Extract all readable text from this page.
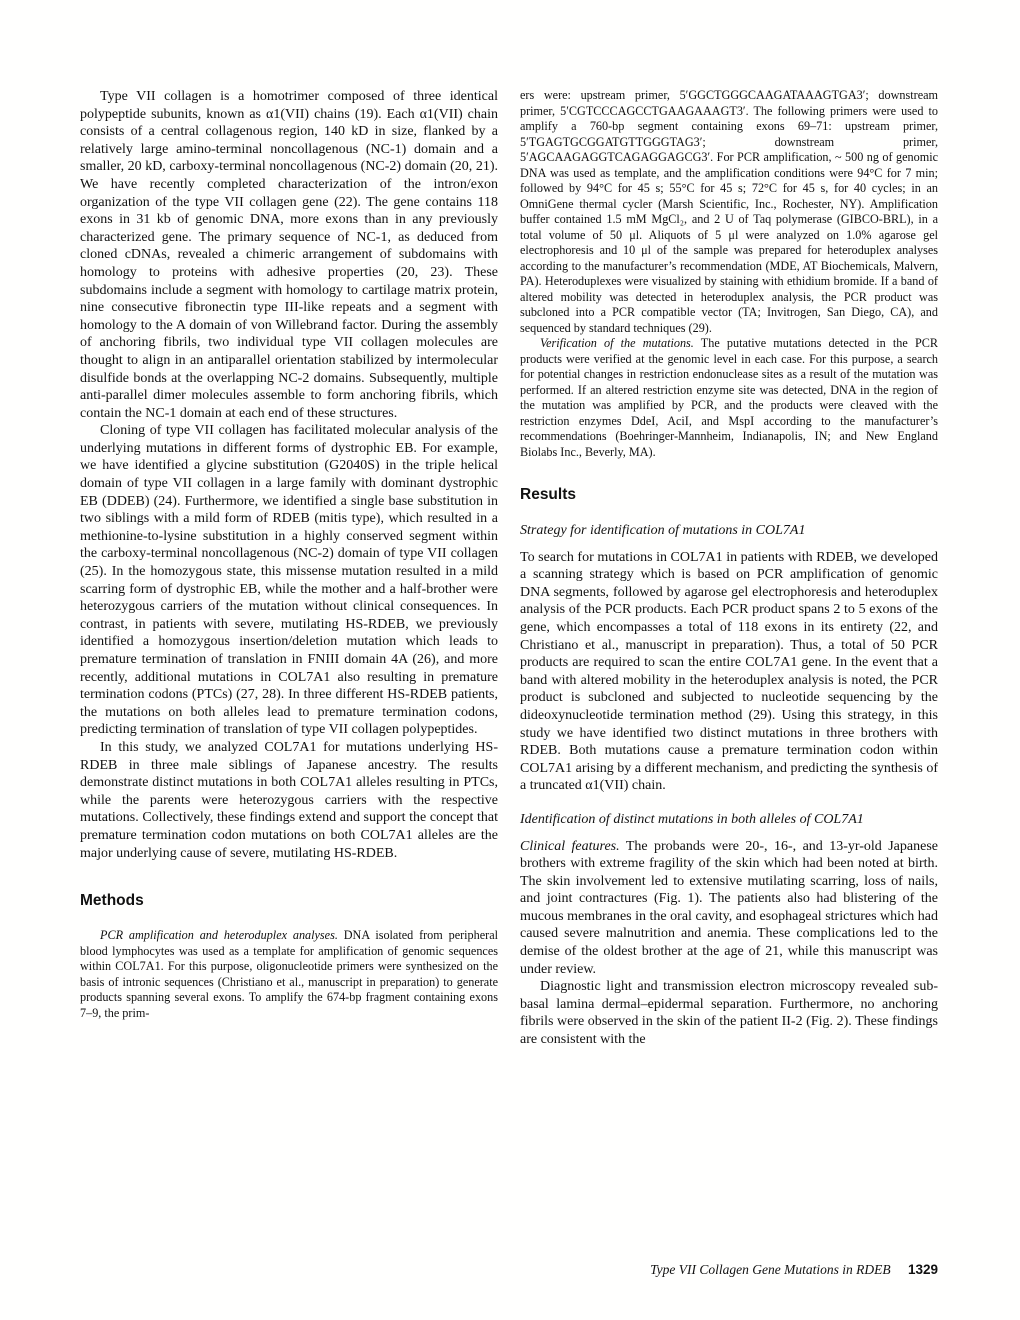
Type VII collagen is a homotrimer composed of three identical polypeptide subunits, known as α1(VII) chains (19). Each α1(VII) chain consists of a central collagenous region, 140 kD in size, flanked by a relatively large amino-terminal noncollagenous (NC-1) domain and a smaller, 20 kD, carboxy-terminal noncollagenous (NC-2) domain (20, 21). We have recently completed characterization of the intron/exon organization of the type VII collagen gene (22). The gene contains 118 exons in 31 kb of genomic DNA, more exons than in any previously characterized gene. The primary sequence of NC-1, as deduced from cloned cDNAs, revealed a chimeric arrangement of subdomains with homology to proteins with adhesive properties (20, 23). These subdomains include a segment with homology to cartilage matrix protein, nine consecutive fibronectin type III-like repeats and a segment with homology to the A domain of von Willebrand factor. During the assembly of anchoring fibrils, two individual type VII collagen molecules are thought to align in an antiparallel orientation stabilized by intermolecular disulfide bonds at the overlapping NC-2 domains. Subsequently, multiple anti-parallel dimer molecules assemble to form anchoring fibrils, which contain the NC-1 domain at each end of these structures.

Cloning of type VII collagen has facilitated molecular analysis of the underlying mutations in different forms of dystrophic EB. For example, we have identified a glycine substitution (G2040S) in the triple helical domain of type VII collagen in a large family with dominant dystrophic EB (DDEB) (24). Furthermore, we identified a single base substitution in two siblings with a mild form of RDEB (mitis type), which resulted in a methionine-to-lysine substitution in a highly conserved segment within the carboxy-terminal noncollagenous (NC-2) domain of type VII collagen (25). In the homozygous state, this missense mutation resulted in a mild scarring form of dystrophic EB, while the mother and a half-brother were heterozygous carriers of the mutation without clinical consequences. In contrast, in patients with severe, mutilating HS-RDEB, we previously identified a homozygous insertion/deletion mutation which leads to premature termination of translation in FNIII domain 4A (26), and more recently, additional mutations in COL7A1 also resulting in premature termination codons (PTCs) (27, 28). In three different HS-RDEB patients, the mutations on both alleles lead to premature termination codons, predicting termination of translation of type VII collagen polypeptides.

In this study, we analyzed COL7A1 for mutations underlying HS-RDEB in three male siblings of Japanese ancestry. The results demonstrate distinct mutations in both COL7A1 alleles resulting in PTCs, while the parents were heterozygous carriers with the respective mutations. Collectively, these findings extend and support the concept that premature termination codon mutations on both COL7A1 alleles are the major underlying cause of severe, mutilating HS-RDEB.

Methods

PCR amplification and heteroduplex analyses. DNA isolated from peripheral blood lymphocytes was used as a template for amplification of genomic sequences within COL7A1. For this purpose, oligonucleotide primers were synthesized on the basis of intronic sequences (Christiano et al., manuscript in preparation) to generate products spanning several exons. To amplify the 674-bp fragment containing exons 7–9, the prim-

ers were: upstream primer, 5′GGCTGGGCAAGATAAAGTGA3′; downstream primer, 5′CGTCCCAGCCTGAAGAAAGT3′. The following primers were used to amplify a 760-bp segment containing exons 69–71: upstream primer, 5′TGAGTGCGGATGTTGGGTAG3′; downstream primer, 5′AGCAAGAGGTCAGAGGAGCG3′. For PCR amplification, ~ 500 ng of genomic DNA was used as template, and the amplification conditions were 94°C for 7 min; followed by 94°C for 45 s; 55°C for 45 s; 72°C for 45 s, for 40 cycles; in an OmniGene thermal cycler (Marsh Scientific, Inc., Rochester, NY). Amplification buffer contained 1.5 mM MgCl₂, and 2 U of Taq polymerase (GIBCO-BRL), in a total volume of 50 μl. Aliquots of 5 μl were analyzed on 1.0% agarose gel electrophoresis and 10 μl of the sample was prepared for heteroduplex analyses according to the manufacturer’s recommendation (MDE, AT Biochemicals, Malvern, PA). Heteroduplexes were visualized by staining with ethidium bromide. If a band of altered mobility was detected in heteroduplex analysis, the PCR product was subcloned into a PCR compatible vector (TA; Invitrogen, San Diego, CA), and sequenced by standard techniques (29).

Verification of the mutations. The putative mutations detected in the PCR products were verified at the genomic level in each case. For this purpose, a search for potential changes in restriction endonuclease sites as a result of the mutation was performed. If an altered restriction enzyme site was detected, DNA in the region of the mutation was amplified by PCR, and the products were cleaved with the restriction enzymes DdeI, AciI, and MspI according to the manufacturer’s recommendations (Boehringer-Mannheim, Indianapolis, IN; and New England Biolabs Inc., Beverly, MA).

Results
Strategy for identification of mutations in COL7A1

To search for mutations in COL7A1 in patients with RDEB, we developed a scanning strategy which is based on PCR amplification of genomic DNA segments, followed by agarose gel electrophoresis and heteroduplex analysis of the PCR products. Each PCR product spans 2 to 5 exons of the gene, which encompasses a total of 118 exons in its entirety (22, and Christiano et al., manuscript in preparation). Thus, a total of 50 PCR products are required to scan the entire COL7A1 gene. In the event that a band with altered mobility in the heteroduplex analysis is noted, the PCR product is subcloned and subjected to nucleotide sequencing by the dideoxynucleotide termination method (29). Using this strategy, in this study we have identified two distinct mutations in three brothers with RDEB. Both mutations cause a premature termination codon within COL7A1 arising by a different mechanism, and predicting the synthesis of a truncated α1(VII) chain.

Identification of distinct mutations in both alleles of COL7A1

Clinical features. The probands were 20-, 16-, and 13-yr-old Japanese brothers with extreme fragility of the skin which had been noted at birth. The skin involvement led to extensive mutilating scarring, loss of nails, and joint contractures (Fig. 1). The patients also had blistering of the mucous membranes in the oral cavity, and esophageal strictures which had caused severe malnutrition and anemia. These complications led to the demise of the oldest brother at the age of 21, while this manuscript was under review.

Diagnostic light and transmission electron microscopy revealed sub-basal lamina dermal–epidermal separation. Furthermore, no anchoring fibrils were observed in the skin of the patient II-2 (Fig. 2). These findings are consistent with the

Type VII Collagen Gene Mutations in RDEB 1329
